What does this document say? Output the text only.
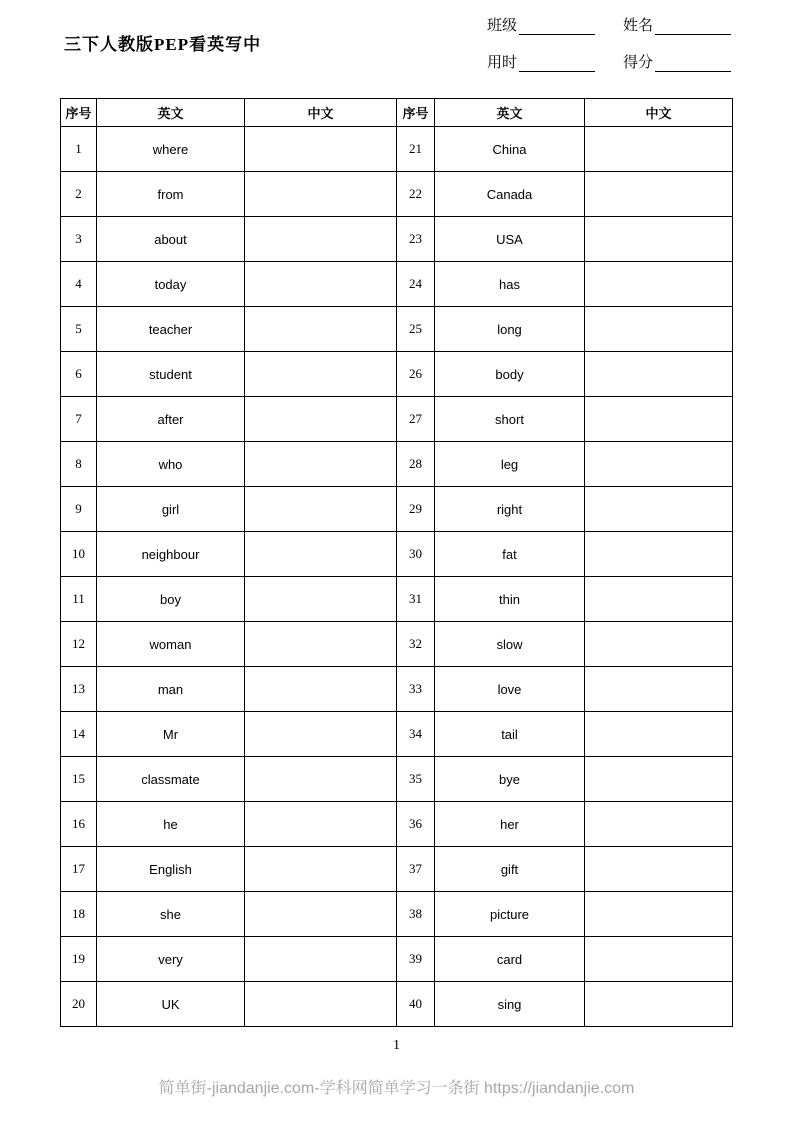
三下人教版PEP看英写中
班级	姓名
用时	得分
序号	英文	中文	序号	英文	中文
1	where		21	China	
2	from		22	Canada	
3	about		23	USA	
4	today		24	has	
5	teacher		25	long	
6	student		26	body	
7	after		27	short	
8	who		28	leg	
9	girl		29	right	
10	neighbour		30	fat	
11	boy		31	thin	
12	woman		32	slow	
13	man		33	love	
14	Mr		34	tail	
15	classmate		35	bye	
16	he		36	her	
17	English		37	gift	
18	she		38	picture	
19	very		39	card	
20	UK		40	sing	
1
简单街-jiandanjie.com-学科网简单学习一条街 https://jiandanjie.com
